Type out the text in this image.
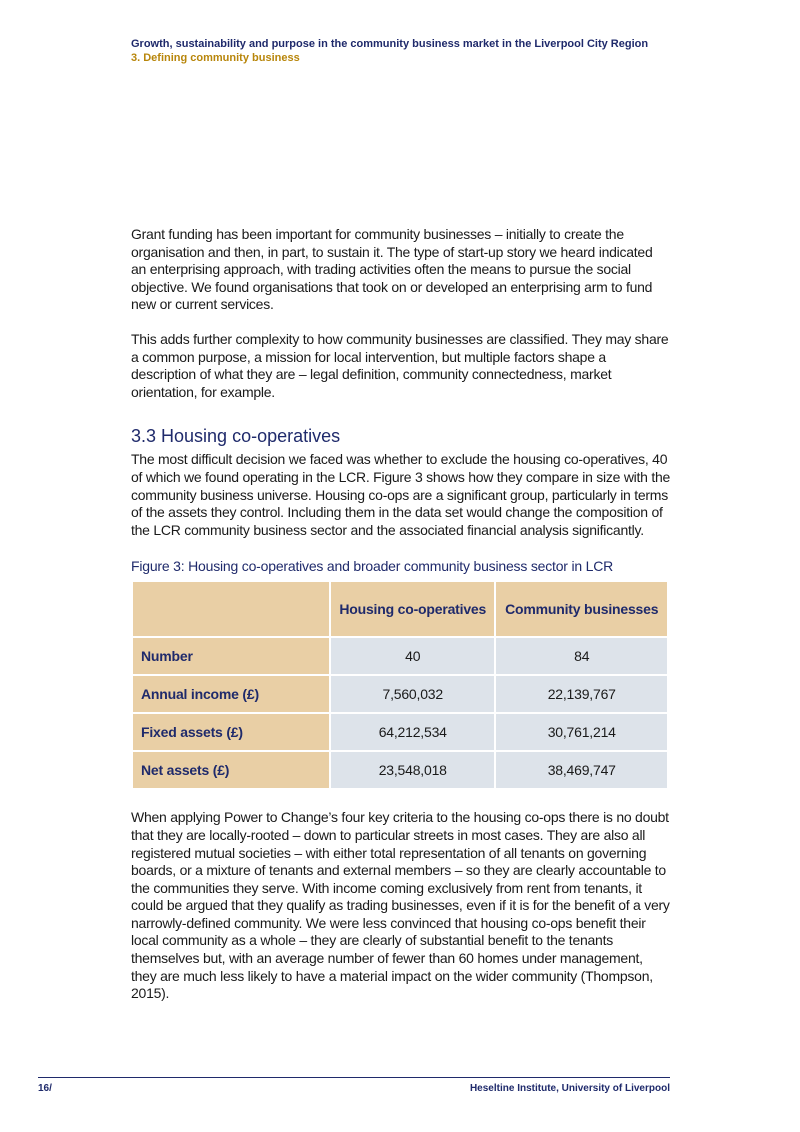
Growth, sustainability and purpose in the community business market in the Liverpool City Region
3. Defining community business

Grant funding has been important for community businesses – initially to create the organisation and then, in part, to sustain it. The type of start-up story we heard indicated an enterprising approach, with trading activities often the means to pursue the social objective. We found organisations that took on or developed an enterprising arm to fund new or current services.

This adds further complexity to how community businesses are classified. They may share a common purpose, a mission for local intervention, but multiple factors shape a description of what they are – legal definition, community connectedness, market orientation, for example.

3.3 Housing co-operatives

The most difficult decision we faced was whether to exclude the housing co-operatives, 40 of which we found operating in the LCR. Figure 3 shows how they compare in size with the community business universe. Housing co-ops are a significant group, particularly in terms of the assets they control. Including them in the data set would change the composition of the LCR community business sector and the associated financial analysis significantly.

Figure 3: Housing co-operatives and broader community business sector in LCR
	Housing co-operatives	Community businesses
Number	40	84
Annual income (£)	7,560,032	22,139,767
Fixed assets (£)	64,212,534	30,761,214
Net assets (£)	23,548,018	38,469,747

When applying Power to Change’s four key criteria to the housing co-ops there is no doubt that they are locally-rooted – down to particular streets in most cases. They are also all registered mutual societies – with either total representation of all tenants on governing boards, or a mixture of tenants and external members – so they are clearly accountable to the communities they serve. With income coming exclusively from rent from tenants, it could be argued that they qualify as trading businesses, even if it is for the benefit of a very narrowly-defined community. We were less convinced that housing co-ops benefit their local community as a whole – they are clearly of substantial benefit to the tenants themselves but, with an average number of fewer than 60 homes under management, they are much less likely to have a material impact on the wider community (Thompson, 2015).

16/	Heseltine Institute, University of Liverpool
